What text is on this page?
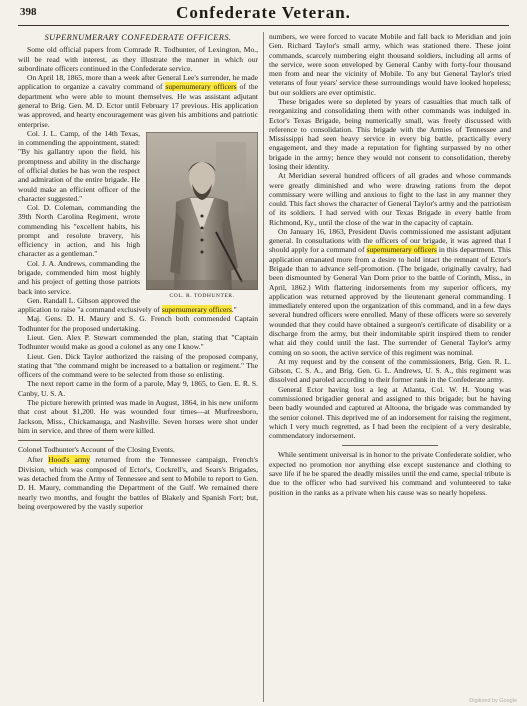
398	Confederate Veteran.
SUPERNUMERARY CONFEDERATE OFFICERS.

Some old official papers from Comrade R. Todhunter, of Lexington, Mo., will be read with interest, as they illustrate the manner in which our subordinate officers continued in the Confederate service.

On April 18, 1865, more than a week after General Lee's surrender, he made application to organize a cavalry command of supernumerary officers of the department who were able to mount themselves. He was assistant adjutant general to Brig. Gen. M. D. Ector until February 17 previous. His application was approved, and hearty encouragement was given his ambitions and patriotic enterprise.

COL. R. TODHUNTER.

Col. J. L. Camp, of the 14th Texas, in commending the appointment, stated: "By his gallantry upon the field, his promptness and ability in the discharge of official duties he has won the respect and admiration of the entire brigade. He would make an efficient officer of the character suggested."

Col. D. Coleman, commanding the 39th North Carolina Regiment, wrote commending his "excellent habits, his prompt and resolute bravery, his efficiency in action, and his high character as a gentleman."

Col. J. A. Andrews, commanding the brigade, commended him most highly and his project of getting those patriots back into service.

Gen. Randall L. Gibson approved the application to raise "a command exclusively of supernumerary officers."

Maj. Gens. D. H. Maury and S. G. French both commended Captain Todhunter for the proposed undertaking.

Lieut. Gen. Alex P. Stewart commended the plan, stating that "Captain Todhunter would make as good a colonel as any one I know."

Lieut. Gen. Dick Taylor authorized the raising of the proposed company, stating that "the command might be increased to a battalion or regiment." The officers of the command were to be selected from those so enlisting.

The next report came in the form of a parole, May 9, 1865, to Gen. E. R. S. Canby, U. S. A.

The picture herewith printed was made in August, 1864, in his new uniform that cost about $1,200. He was wounded four times—at Murfreesboro, Jackson, Miss., Chickamauga, and Nashville. Seven horses were shot under him in service, and three of them were killed.

Colonel Todhunter's Account of the Closing Events.

After Hood's army returned from the Tennessee campaign, French's Division, which was composed of Ector's, Cockrell's, and Sears's Brigades, was detached from the Army of Tennessee and sent to Mobile to report to Gen. D. H. Maury, commanding the Department of the Gulf. We remained there nearly two months, and fought the battles of Blakely and Spanish Fort; but, being overpowered by the vastly superior

numbers, we were forced to vacate Mobile and fall back to Meridian and join Gen. Richard Taylor's small army, which was stationed there. These joint commands, scarcely numbering eight thousand soldiers, including all arms of the service, were soon enveloped by General Canby with forty-four thousand men from and near the vicinity of Mobile. To any but General Taylor's tried veterans of four years' service these surroundings would have looked hopeless; but our soldiers are ever optimistic.

These brigades were so depleted by years of casualties that much talk of reorganizing and consolidating them with other commands was indulged in. Ector's Texas Brigade, being numerically small, was freely discussed with reference to consolidation. This brigade with the Armies of Tennessee and Mississippi had seen heavy service in every big battle, practically every engagement, and they made a reputation for fighting surpassed by no other brigade in the army; hence they would not consent to consolidation, thereby losing their identity.

At Meridian several hundred officers of all grades and whose commands were greatly diminished and who were drawing rations from the depot commissary were willing and anxious to fight to the last in any manner they could. This fact shows the character of General Taylor's army and the patriotism of its soldiers. I had served with our Texas Brigade in every battle from Richmond, Ky., until the close of the war in the capacity of captain.

On January 16, 1863, President Davis commissioned me assistant adjutant general. In consultations with the officers of our brigade, it was agreed that I should apply for a command of supernumerary officers in this department. This application emanated more from a desire to hold intact the remnant of Ector's Brigade than to advance self-promotion. (The brigade, originally cavalry, had been dismounted by General Van Dorn prior to the battle of Corinth, Miss., in April, 1862.) With flattering indorsements from my superior officers, my application was returned approved by the lieutenant general commanding. I immediately entered upon the organization of this command, and in a few days several hundred officers were enrolled. Many of these officers were so severely wounded that they could have obtained a surgeon's certificate of disability or a discharge from the army, but their indomitable spirit inspired them to render what aid they could until the last. The surrender of General Taylor's army coming on so soon, the active service of this regiment was nominal.

At my request and by the consent of the commissioners, Brig. Gen. R. L. Gibson, C. S. A., and Brig. Gen. G. L. Andrews, U. S. A., this regiment was dissolved and paroled according to their former rank in the Confederate army.

General Ector having lost a leg at Atlanta, Col. W. H. Young was commissioned brigadier general and assigned to this brigade; but he having been badly wounded and captured at Altoona, the brigade was commanded by the senior colonel. This deprived me of an indorsement for raising the regiment, which I very much regretted, as I had been the recipient of a very desirable, commendatory indorsement.

While sentiment universal is in honor to the private Confederate soldier, who expected no promotion nor anything else except sustenance and clothing to save life if he be spared the deadly missiles until the end came, special tribute is due to the officer who had survived his command and volunteered to take position in the ranks as a private when his cause was so nearly hopeless.

Digitized by Google
